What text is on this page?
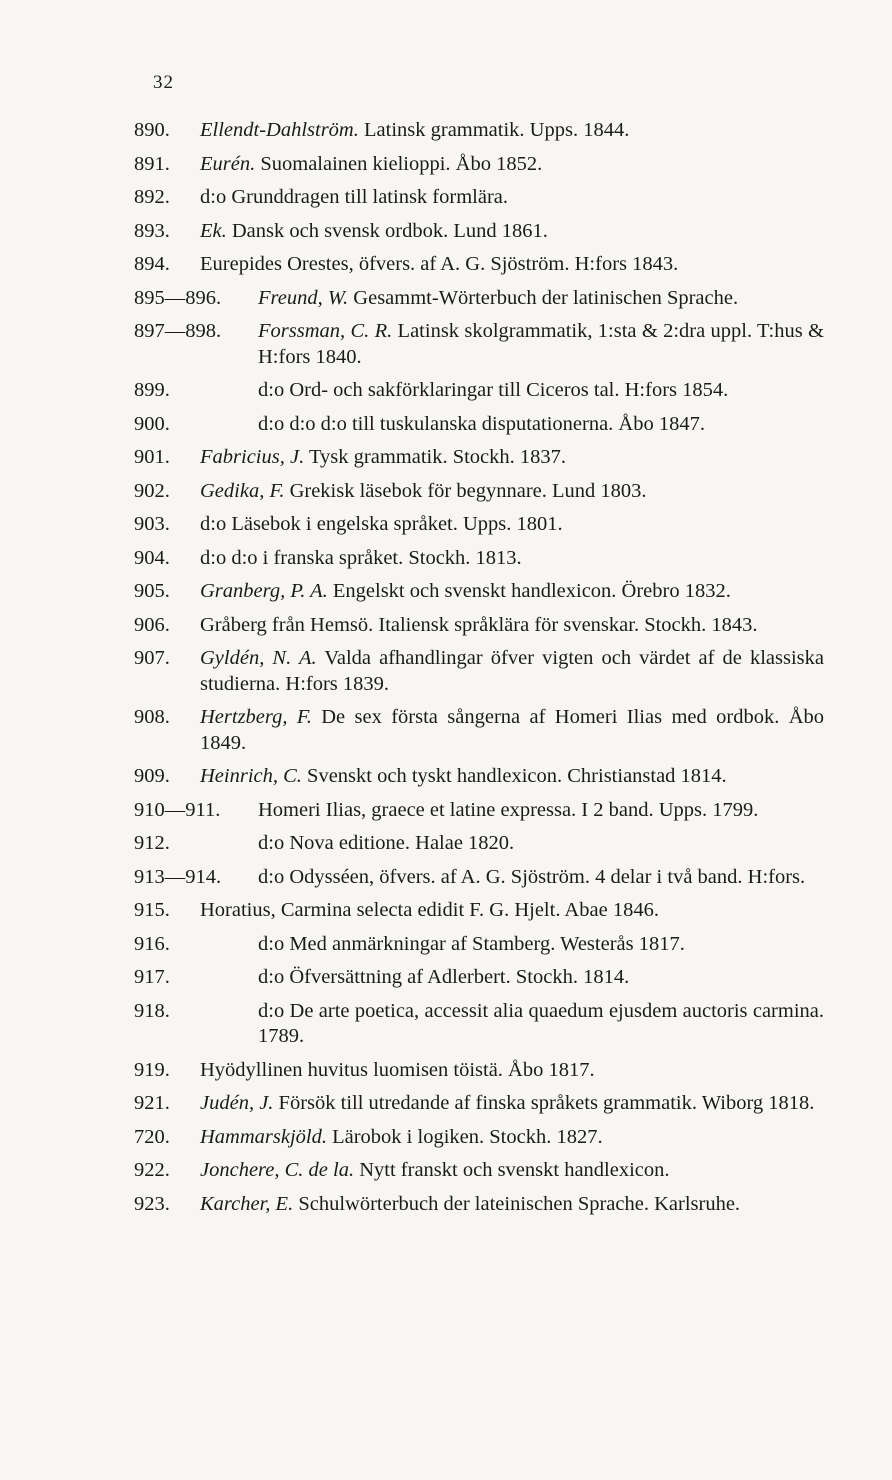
32
890.	Ellendt-Dahlström. Latinsk grammatik. Upps. 1844.
891.	Eurén. Suomalainen kielioppi. Åbo 1852.
892.	d:o Grunddragen till latinsk formlära.
893.	Ek. Dansk och svensk ordbok. Lund 1861.
894.	Eurepides Orestes, öfvers. af A. G. Sjöström. H:fors 1843.
895—896.	Freund, W. Gesammt-Wörterbuch der latinischen Sprache.
897—898.	Forssman, C. R. Latinsk skolgrammatik, 1:sta & 2:dra uppl. T:hus & H:fors 1840.
899.	d:o Ord- och sakförklaringar till Ciceros tal. H:fors 1854.
900.	d:o d:o d:o till tuskulanska disputationerna. Åbo 1847.
901.	Fabricius, J. Tysk grammatik. Stockh. 1837.
902.	Gedika, F. Grekisk läsebok för begynnare. Lund 1803.
903.	d:o Läsebok i engelska språket. Upps. 1801.
904.	d:o d:o i franska språket. Stockh. 1813.
905.	Granberg, P. A. Engelskt och svenskt handlexicon. Örebro 1832.
906.	Gråberg från Hemsö. Italiensk språklära för svenskar. Stockh. 1843.
907.	Gyldén, N. A. Valda afhandlingar öfver vigten och värdet af de klassiska studierna. H:fors 1839.
908.	Hertzberg, F. De sex första sångerna af Homeri Ilias med ordbok. Åbo 1849.
909.	Heinrich, C. Svenskt och tyskt handlexicon. Christianstad 1814.
910—911.	Homeri Ilias, graece et latine expressa. I 2 band. Upps. 1799.
912.	d:o Nova editione. Halae 1820.
913—914.	d:o Odysséen, öfvers. af A. G. Sjöström. 4 delar i två band. H:fors.
915.	Horatius, Carmina selecta edidit F. G. Hjelt. Abae 1846.
916.	d:o Med anmärkningar af Stamberg. Westerås 1817.
917.	d:o Öfversättning af Adlerbert. Stockh. 1814.
918.	d:o De arte poetica, accessit alia quaedum ejusdem auctoris carmina. 1789.
919.	Hyödyllinen huvitus luomisen töistä. Åbo 1817.
921.	Judén, J. Försök till utredande af finska språkets grammatik. Wiborg 1818.
720.	Hammarskjöld. Lärobok i logiken. Stockh. 1827.
922.	Jonchere, C. de la. Nytt franskt och svenskt handlexicon.
923.	Karcher, E. Schulwörterbuch der lateinischen Sprache. Karlsruhe.
